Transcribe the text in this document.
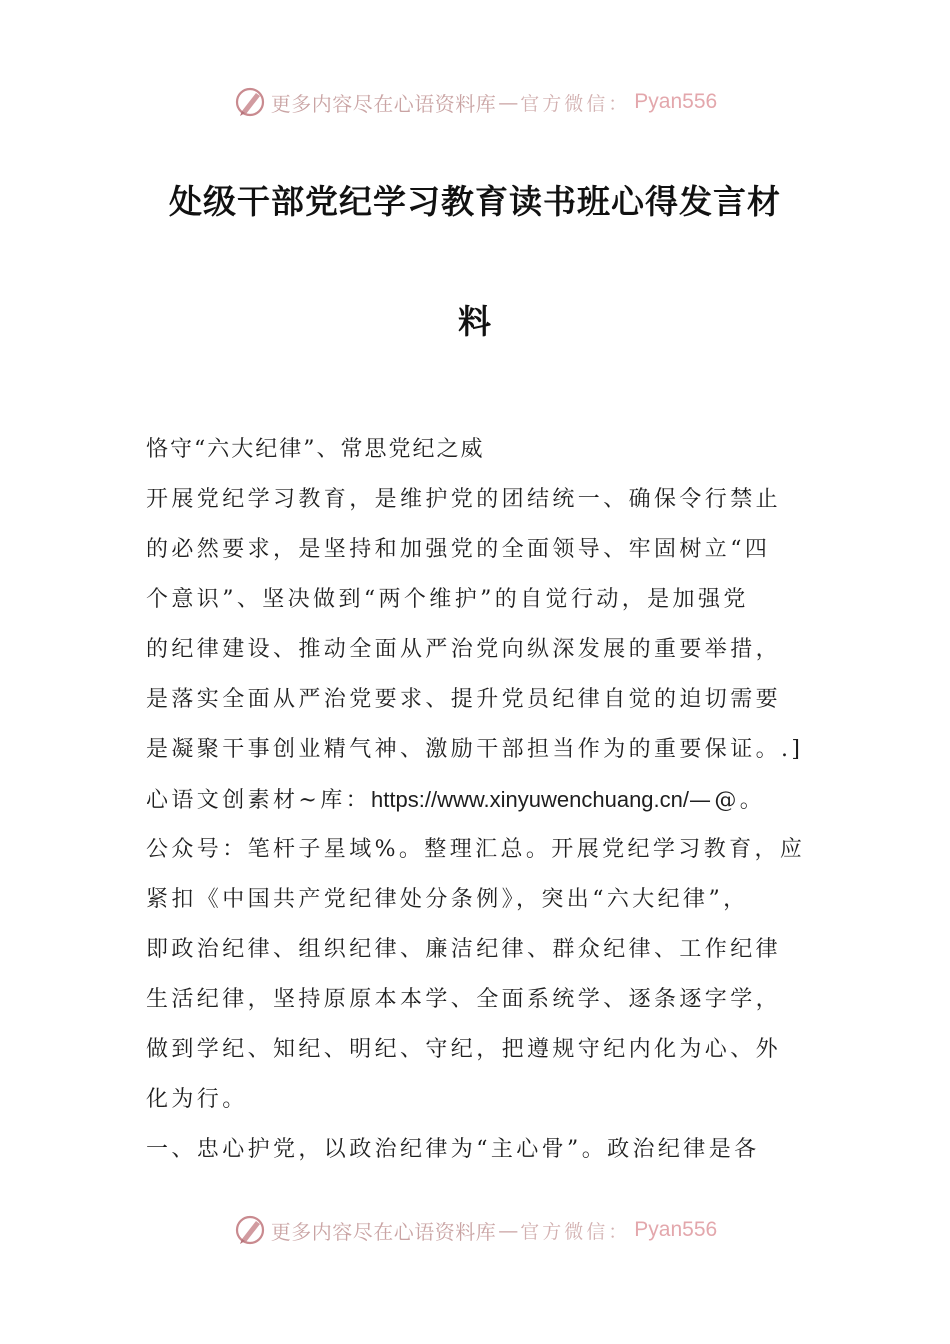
更多内容尽在心语资料库 — 官方微信： Pyan556
处级干部党纪学习教育读书班心得发言材
料
恪守“六大纪律”、常思党纪之威
开展党纪学习教育，是维护党的团结统一、确保令行禁止
的必然要求，是坚持和加强党的全面领导、牢固树立“四
个意识”、坚决做到“两个维护”的自觉行动，是加强党
的纪律建设、推动全面从严治党向纵深发展的重要举措，
是落实全面从严治党要求、提升党员纪律自觉的迫切需要
是凝聚干事创业精气神、激励干部担当作为的重要保证。.]
心语文创素材~库：https://www.xinyuwenchuang.cn/—@。
公众号：笔杆子星域%。整理汇总。开展党纪学习教育，应
紧扣《中国共产党纪律处分条例》，突出“六大纪律”，
即政治纪律、组织纪律、廉洁纪律、群众纪律、工作纪律
生活纪律，坚持原原本本学、全面系统学、逐条逐字学，
做到学纪、知纪、明纪、守纪，把遵规守纪内化为心、外
化为行。
一、忠心护党，以政治纪律为“主心骨”。政治纪律是各
更多内容尽在心语资料库 — 官方微信： Pyan556
